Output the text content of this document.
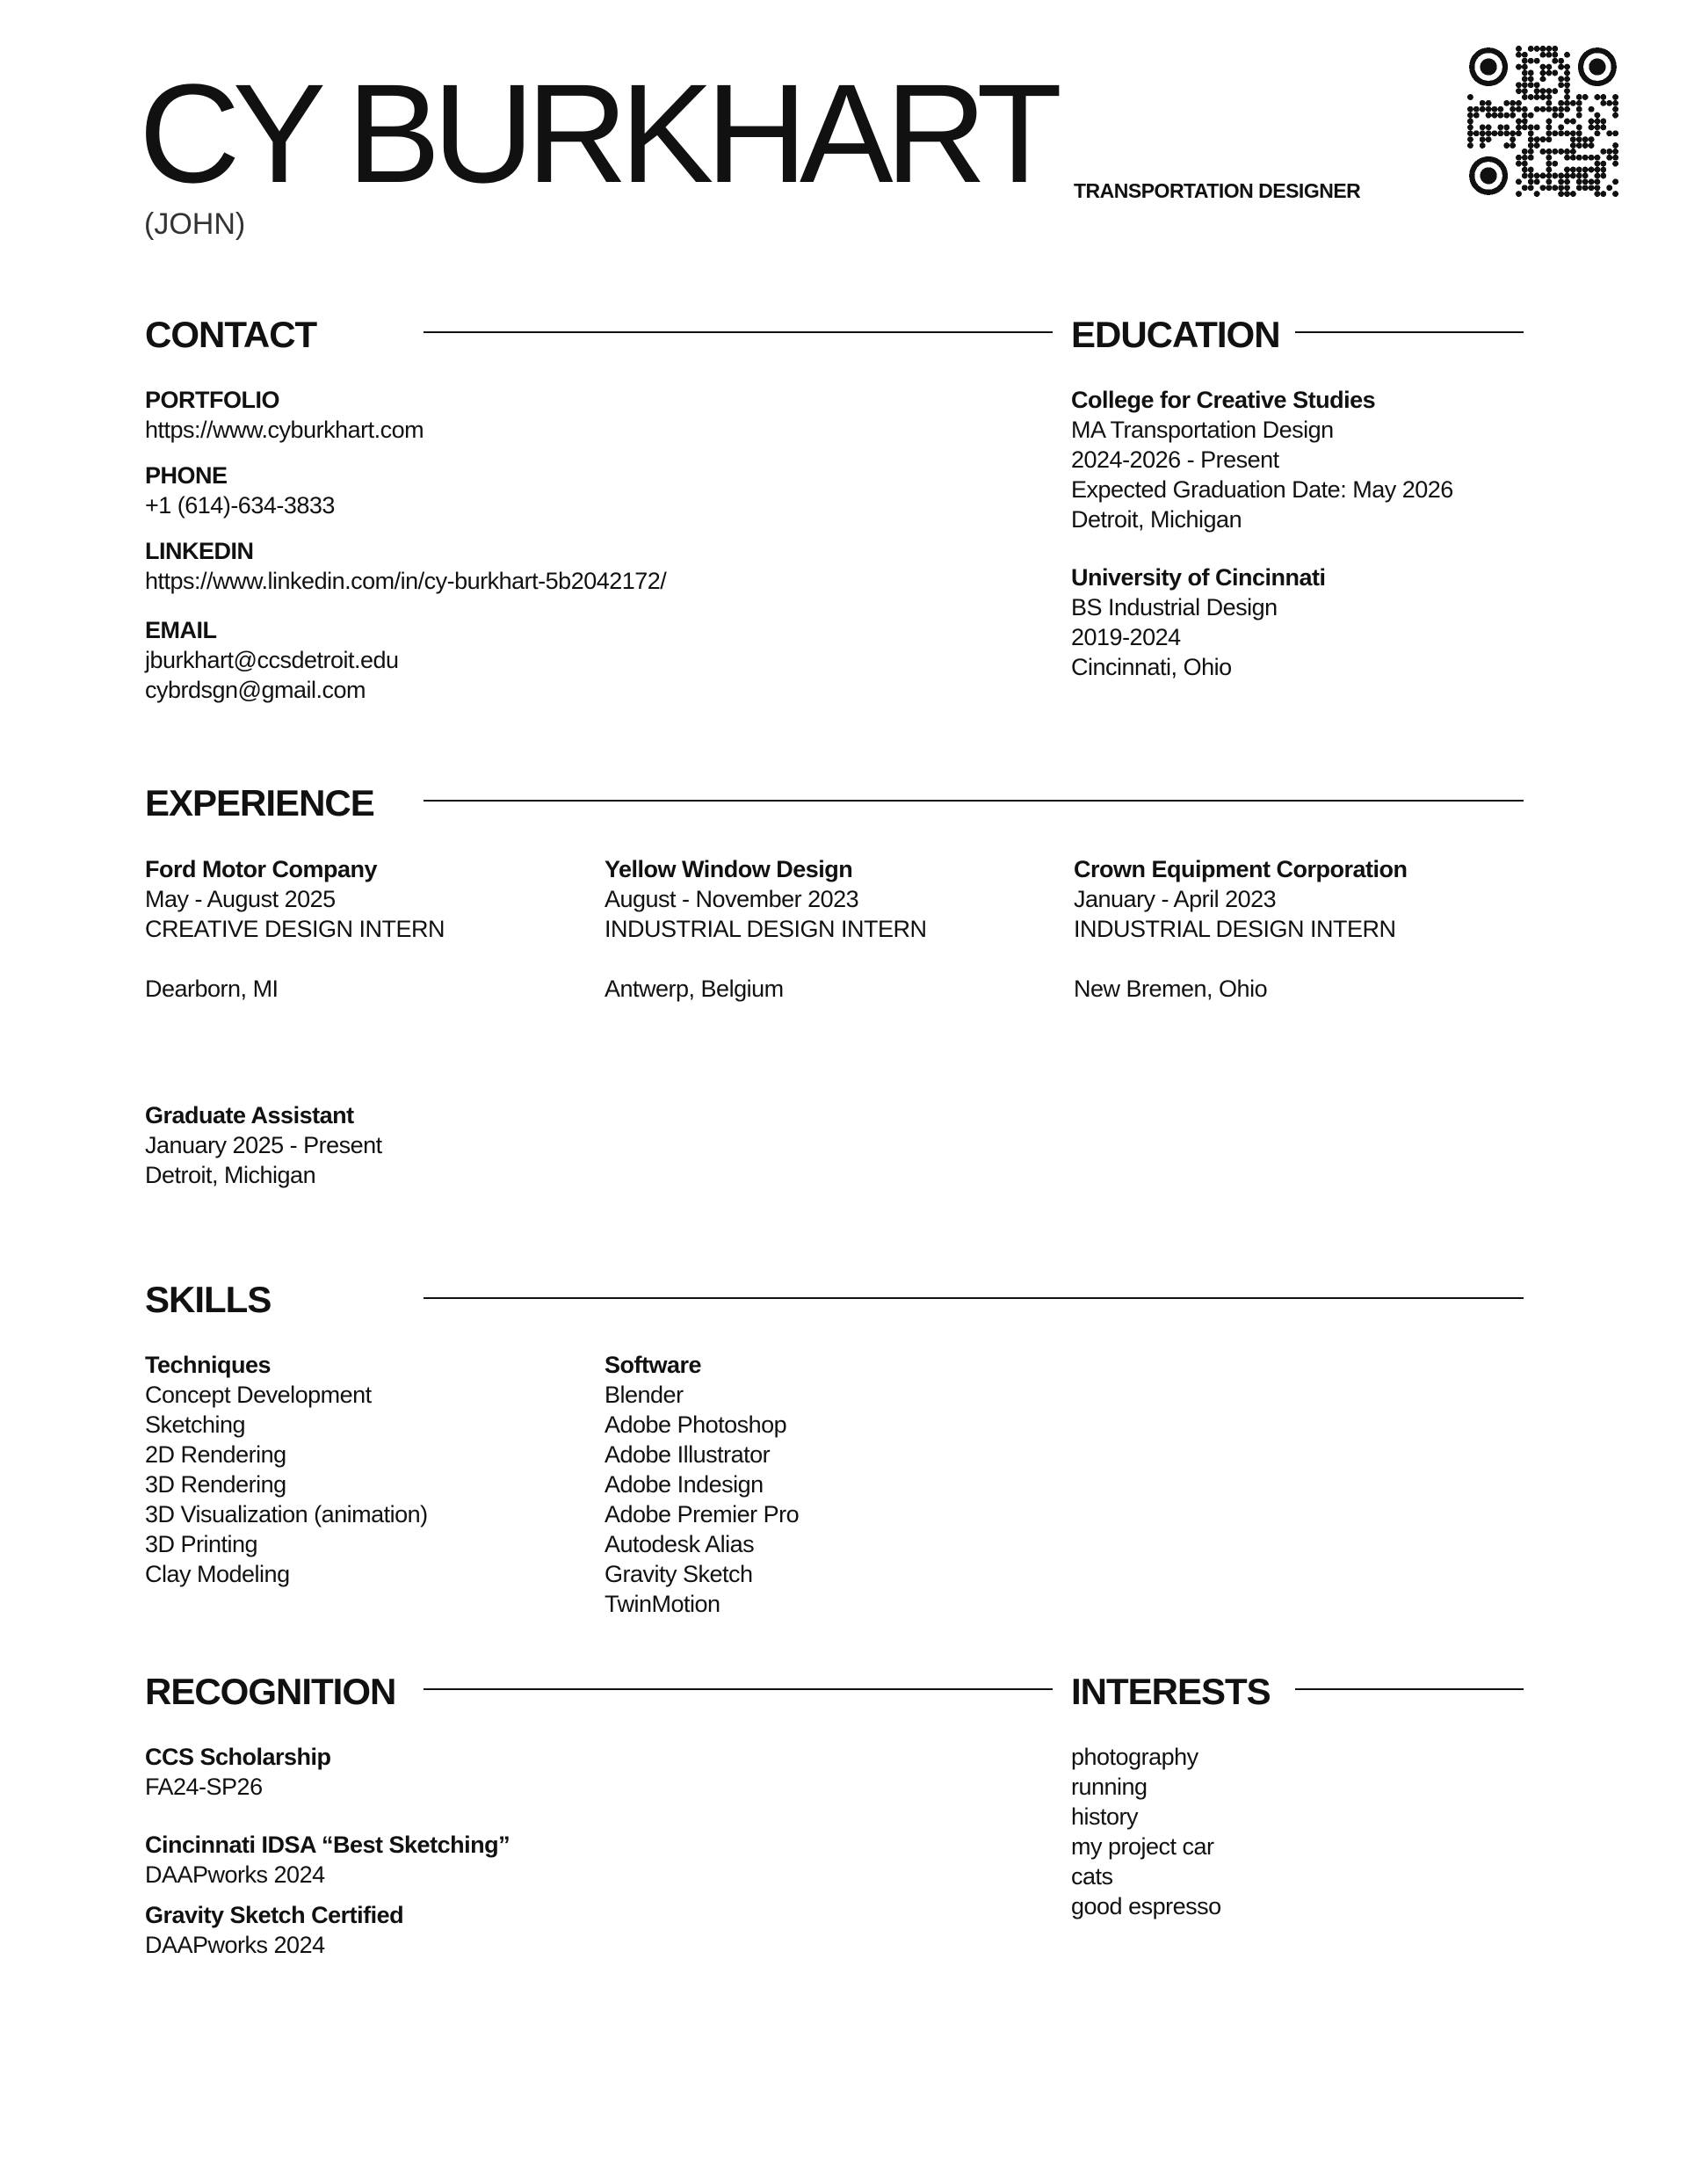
CY BURKHART
(JOHN)
TRANSPORTATION DESIGNER
CONTACT
PORTFOLIO
https://www.cyburkhart.com
PHONE
+1 (614)-634-3833
LINKEDIN
https://www.linkedin.com/in/cy-burkhart-5b2042172/
EMAIL
jburkhart@ccsdetroit.edu
cybrdsgn@gmail.com
EDUCATION
College for Creative Studies
MA Transportation Design
2024-2026 - Present
Expected Graduation Date: May 2026
Detroit, Michigan
University of Cincinnati
BS Industrial Design
2019-2024
Cincinnati, Ohio
EXPERIENCE
Ford Motor Company
May - August 2025
CREATIVE DESIGN INTERN
Dearborn, MI
Yellow Window Design
August - November 2023
INDUSTRIAL DESIGN INTERN
Antwerp, Belgium
Crown Equipment Corporation
January - April 2023
INDUSTRIAL DESIGN INTERN
New Bremen, Ohio
Graduate Assistant
January 2025 - Present
Detroit, Michigan
SKILLS
Techniques
Concept Development
Sketching
2D Rendering
3D Rendering
3D Visualization (animation)
3D Printing
Clay Modeling
Software
Blender
Adobe Photoshop
Adobe Illustrator
Adobe Indesign
Adobe Premier Pro
Autodesk Alias
Gravity Sketch
TwinMotion
RECOGNITION
CCS Scholarship
FA24-SP26
Cincinnati IDSA “Best Sketching”
DAAPworks 2024
Gravity Sketch Certified
DAAPworks 2024
INTERESTS
photography
running
history
my project car
cats
good espresso
